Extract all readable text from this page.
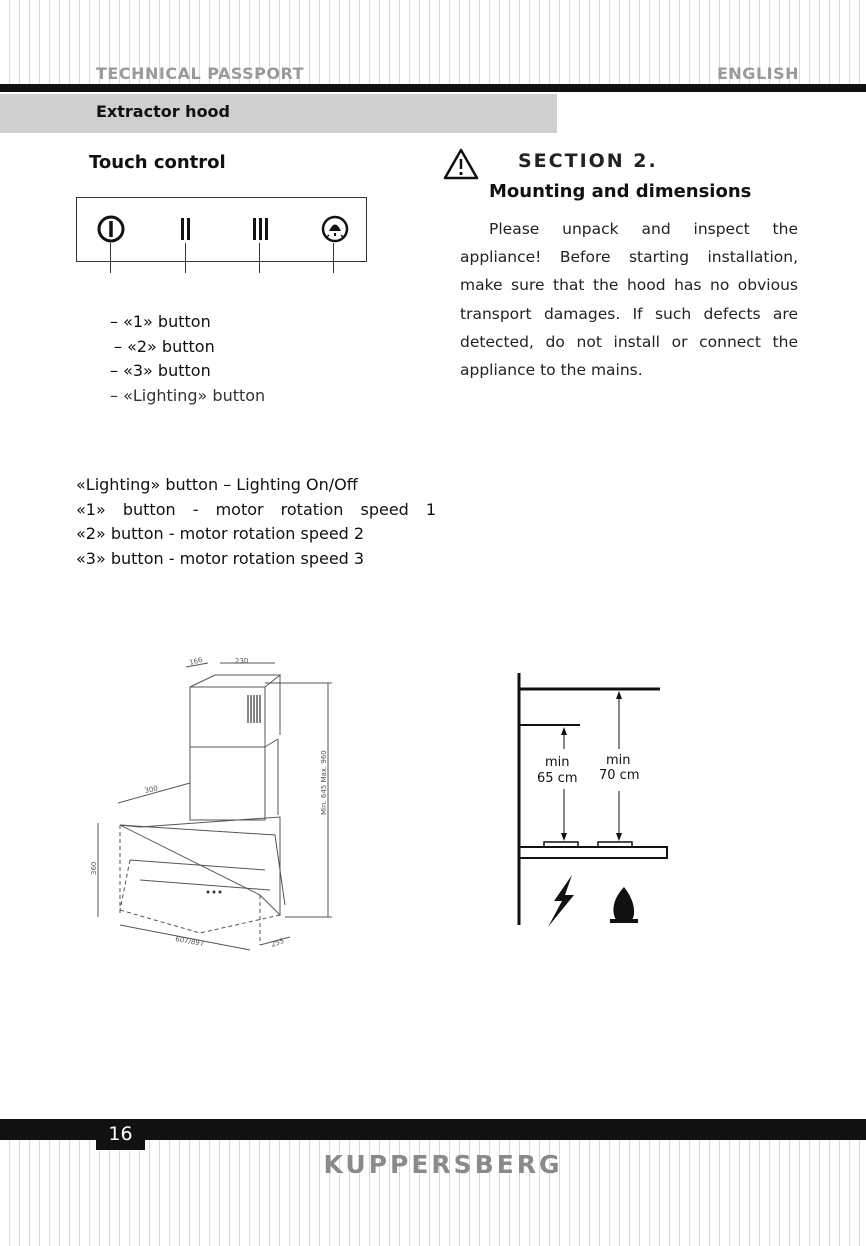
TECHNICAL PASSPORT	ENGLISH
Extractor hood
Touch control
– «1» button
– «2» button
– «3» button
– «Lighting» button
«Lighting» button – Lighting On/Off
«1» button - motor rotation speed 1
«2» button - motor rotation speed 2
«3» button - motor rotation speed 3
SECTION 2.
Mounting and dimensions
Please unpack and inspect the appliance! Before starting installation, make sure that the hood has no obvious transport damages. If such defects are detected, do not install or connect the appliance to the mains.
166	230
Min. 645 Max. 960
300
360
607/897	255
min
65 cm
min
70 cm
16
KUPPERSBERG
